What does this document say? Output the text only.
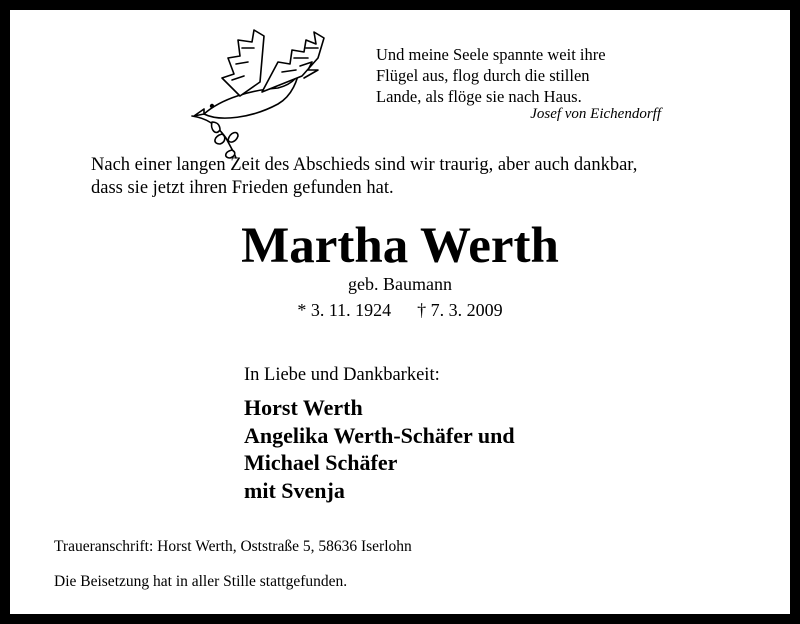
Und meine Seele spannte weit ihre
Flügel aus, flog durch die stillen
Lande, als flöge sie nach Haus.
Josef von Eichendorff
Nach einer langen Zeit des Abschieds sind wir traurig, aber auch dankbar,
dass sie jetzt ihren Frieden gefunden hat.
Martha Werth
geb. Baumann
* 3. 11. 1924 † 7. 3. 2009
In Liebe und Dankbarkeit:
Horst Werth
Angelika Werth-Schäfer und
Michael Schäfer
mit Svenja
Traueranschrift: Horst Werth, Oststraße 5, 58636 Iserlohn
Die Beisetzung hat in aller Stille stattgefunden.
